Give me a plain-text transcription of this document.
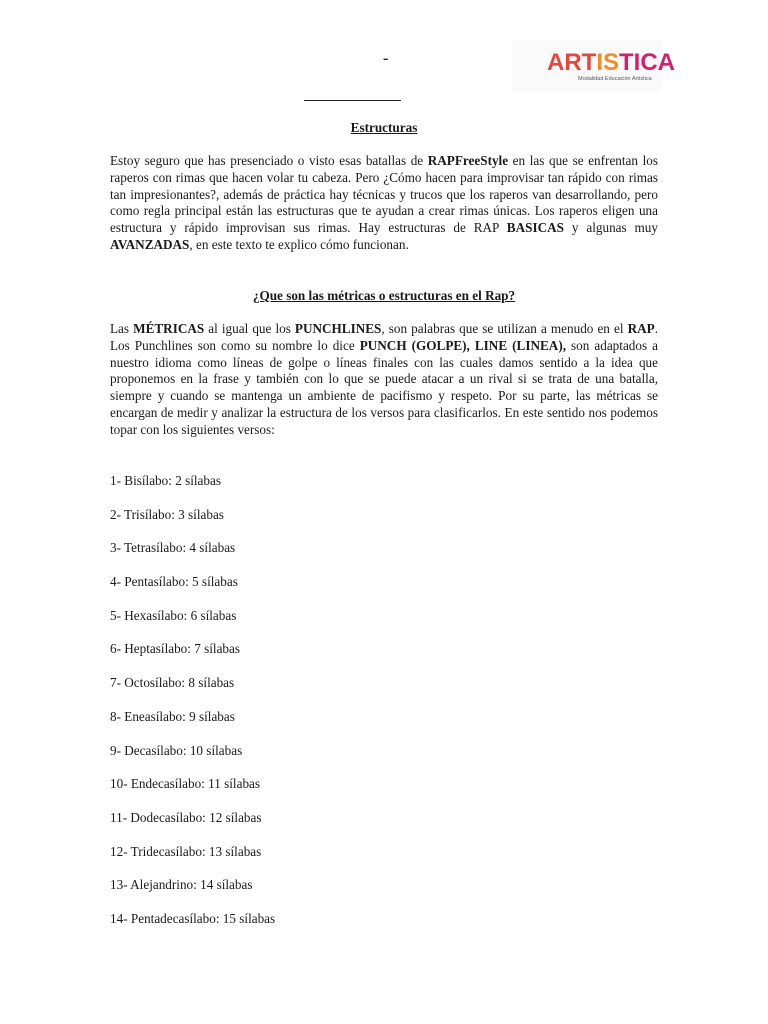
-	ARTISTICA
Modalidad Educación Artística
Estructuras
Estoy seguro que has presenciado o visto esas batallas de RAPFreeStyle en las que se enfrentan los raperos con rimas que hacen volar tu cabeza. Pero ¿Cómo hacen para improvisar tan rápido con rimas tan impresionantes?, además de práctica hay técnicas y trucos que los raperos van desarrollando, pero como regla principal están las estructuras que te ayudan a crear rimas únicas. Los raperos eligen una estructura y rápido improvisan sus rimas. Hay estructuras de RAP BASICAS y algunas muy AVANZADAS, en este texto te explico cómo funcionan.
¿Que son las métricas o estructuras en el Rap?
Las MÉTRICAS al igual que los PUNCHLINES, son palabras que se utilizan a menudo en el RAP. Los Punchlines son como su nombre lo dice PUNCH (GOLPE), LINE (LINEA), son adaptados a nuestro idioma como líneas de golpe o líneas finales con las cuales damos sentido a la idea que proponemos en la frase y también con lo que se puede atacar a un rival si se trata de una batalla, siempre y cuando se mantenga un ambiente de pacifismo y respeto. Por su parte, las métricas se encargan de medir y analizar la estructura de los versos para clasificarlos. En este sentido nos podemos topar con los siguientes versos:
1- Bisílabo: 2 sílabas
2- Trisílabo: 3 sílabas
3- Tetrasílabo: 4 sílabas
4- Pentasílabo: 5 sílabas
5- Hexasílabo: 6 sílabas
6- Heptasílabo: 7 sílabas
7- Octosílabo: 8 sílabas
8- Eneasílabo: 9 sílabas
9- Decasílabo: 10 sílabas
10- Endecasílabo: 11 sílabas
11- Dodecasílabo: 12 sílabas
12- Tridecasílabo: 13 sílabas
13- Alejandrino: 14 sílabas
14- Pentadecasílabo: 15 sílabas
